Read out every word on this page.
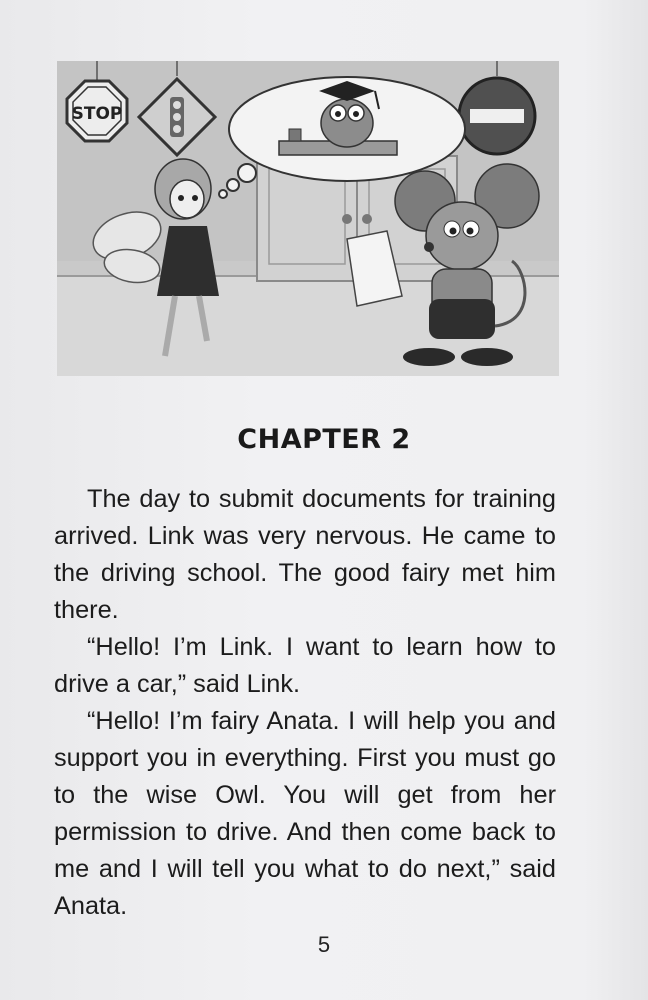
STOP
CHAPTER 2

The day to submit documents for training arrived. Link was very nervous. He came to the driving school. The good fairy met him there.

“Hello! I’m Link. I want to learn how to drive a car,” said Link.

“Hello! I’m fairy Anata. I will help you and support you in everything. First you must go to the wise Owl. You will get from her permission to drive. And then come back to me and I will tell you what to do next,” said Anata.

5
